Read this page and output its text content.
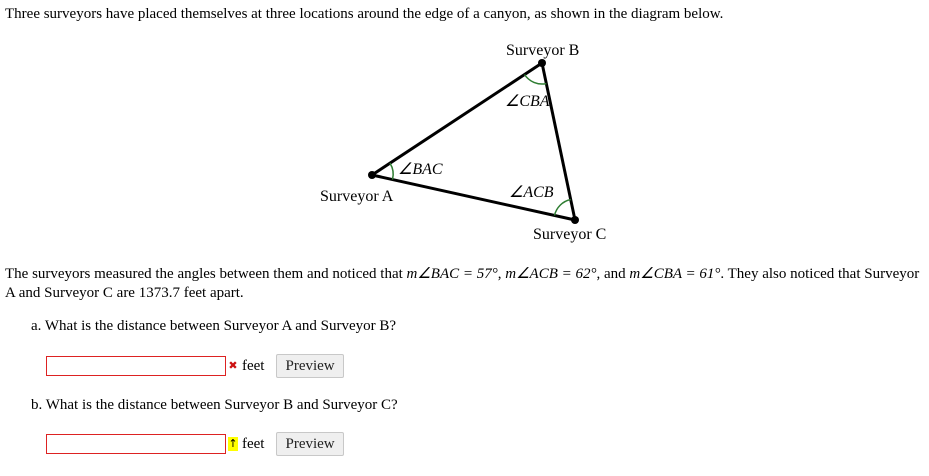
Three surveyors have placed themselves at three locations around the edge of a canyon, as shown in the diagram below.
Surveyor B
∠CBA
∠BAC
Surveyor A	∠ACB
Surveyor C
The surveyors measured the angles between them and noticed that m∠BAC = 57°, m∠ACB = 62°, and m∠CBA = 61°. They also noticed that Surveyor A and Surveyor C are 1373.7 feet apart.
a. What is the distance between Surveyor A and Surveyor B?
✖ feet	Preview
b. What is the distance between Surveyor B and Surveyor C?
↑ feet	Preview
